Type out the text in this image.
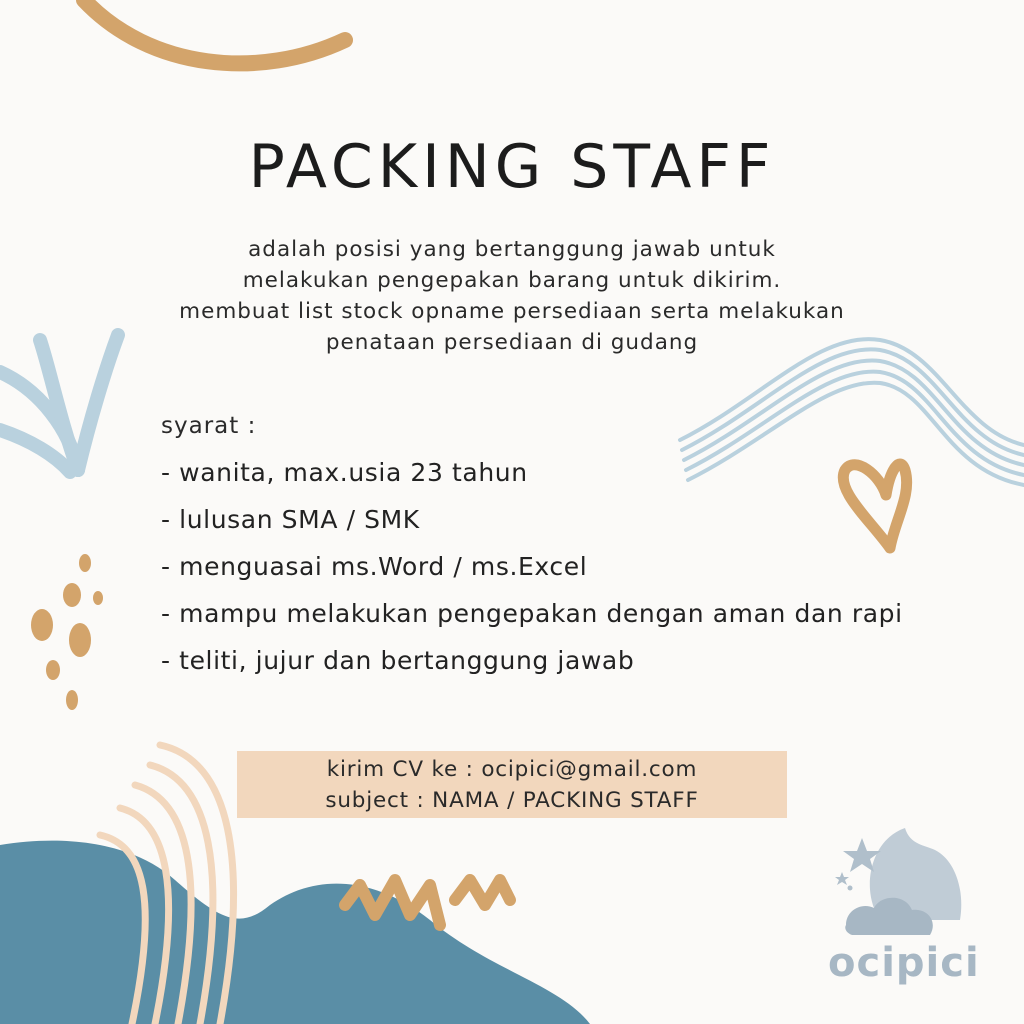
PACKING STAFF
adalah posisi yang bertanggung jawab untuk
melakukan pengepakan barang untuk dikirim.
membuat list stock opname persediaan serta melakukan
penataan persediaan di gudang
syarat :
- wanita, max.usia 23 tahun
- lulusan SMA / SMK
- menguasai ms.Word / ms.Excel
- mampu melakukan pengepakan dengan aman dan rapi
- teliti, jujur dan bertanggung jawab
kirim CV ke : ocipici@gmail.com
subject : NAMA / PACKING STAFF
ocipici
